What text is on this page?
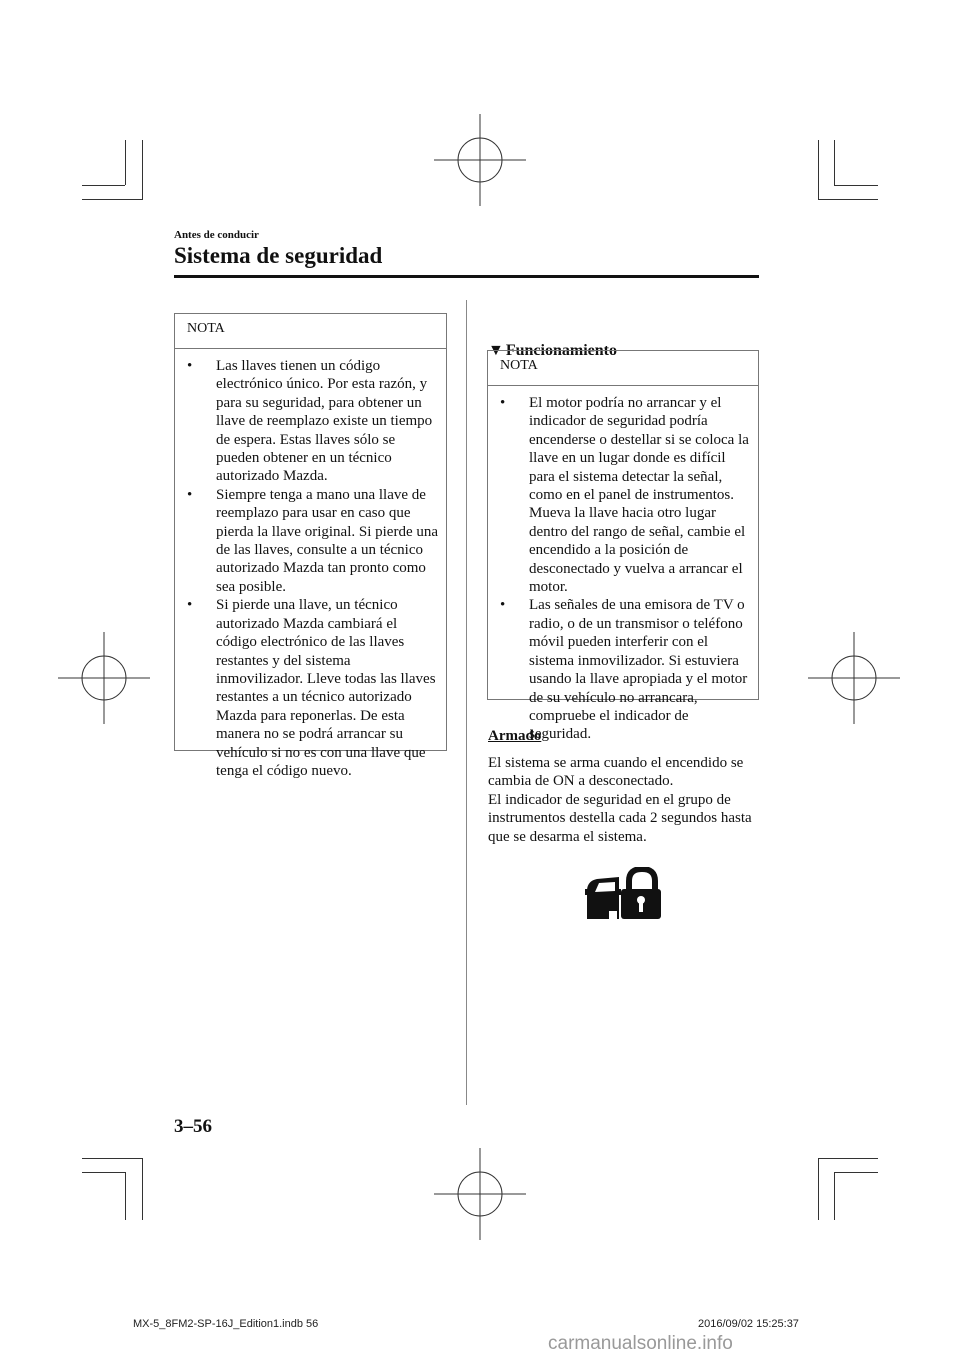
Antes de conducir
Sistema de seguridad
NOTA
• Las llaves tienen un código electrónico único. Por esta razón, y para su seguridad, para obtener un llave de reemplazo existe un tiempo de espera. Estas llaves sólo se pueden obtener en un técnico autorizado Mazda.
• Siempre tenga a mano una llave de reemplazo para usar en caso que pierda la llave original. Si pierde una de las llaves, consulte a un técnico autorizado Mazda tan pronto como sea posible.
• Si pierde una llave, un técnico autorizado Mazda cambiará el código electrónico de las llaves restantes y del sistema inmovilizador. Lleve todas las llaves restantes a un técnico autorizado Mazda para reponerlas. De esta manera no se podrá arrancar su vehículo si no es con una llave que tenga el código nuevo.
▼ Funcionamiento
NOTA
• El motor podría no arrancar y el indicador de seguridad podría encenderse o destellar si se coloca la llave en un lugar donde es difícil para el sistema detectar la señal, como en el panel de instrumentos. Mueva la llave hacia otro lugar dentro del rango de señal, cambie el encendido a la posición de desconectado y vuelva a arrancar el motor.
• Las señales de una emisora de TV o radio, o de un transmisor o teléfono móvil pueden interferir con el sistema inmovilizador. Si estuviera usando la llave apropiada y el motor de su vehículo no arrancara, compruebe el indicador de seguridad.
Armado

El sistema se arma cuando el encendido se cambia de ON a desconectado.

El indicador de seguridad en el grupo de instrumentos destella cada 2 segundos hasta que se desarma el sistema.

3–56
MX-5_8FM2-SP-16J_Edition1.indb 56	2016/09/02 15:25:37
carmanualsonline.info
